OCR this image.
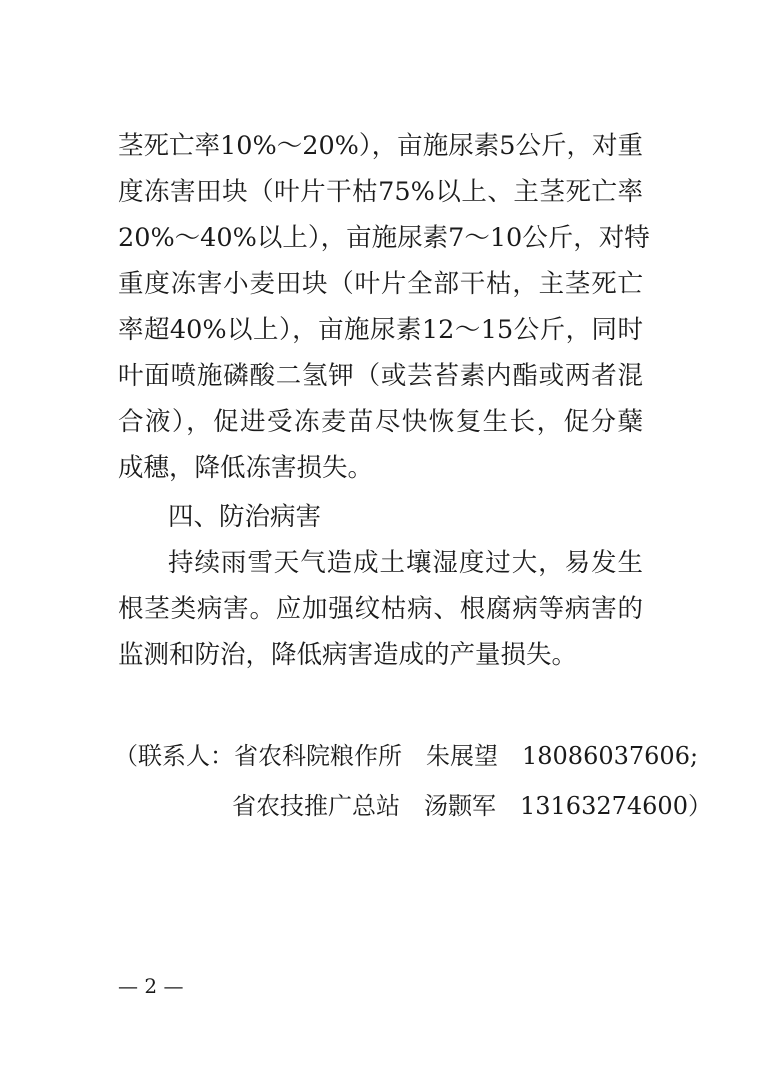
茎死亡率10%～20%），亩施尿素5公斤，对重
度冻害田块（叶片干枯75%以上、主茎死亡率
20%～40%以上），亩施尿素7～10公斤，对特
重度冻害小麦田块（叶片全部干枯，主茎死亡
率超40%以上），亩施尿素12～15公斤，同时
叶面喷施磷酸二氢钾（或芸苔素内酯或两者混
合液），促进受冻麦苗尽快恢复生长，促分蘖
成穗，降低冻害损失。
四、防治病害
持续雨雪天气造成土壤湿度过大，易发生
根茎类病害。应加强纹枯病、根腐病等病害的
监测和防治，降低病害造成的产量损失。
（联系人：省农科院粮作所　朱展望　18086037606;
省农技推广总站　汤颢军　13163274600）
— 2 —
